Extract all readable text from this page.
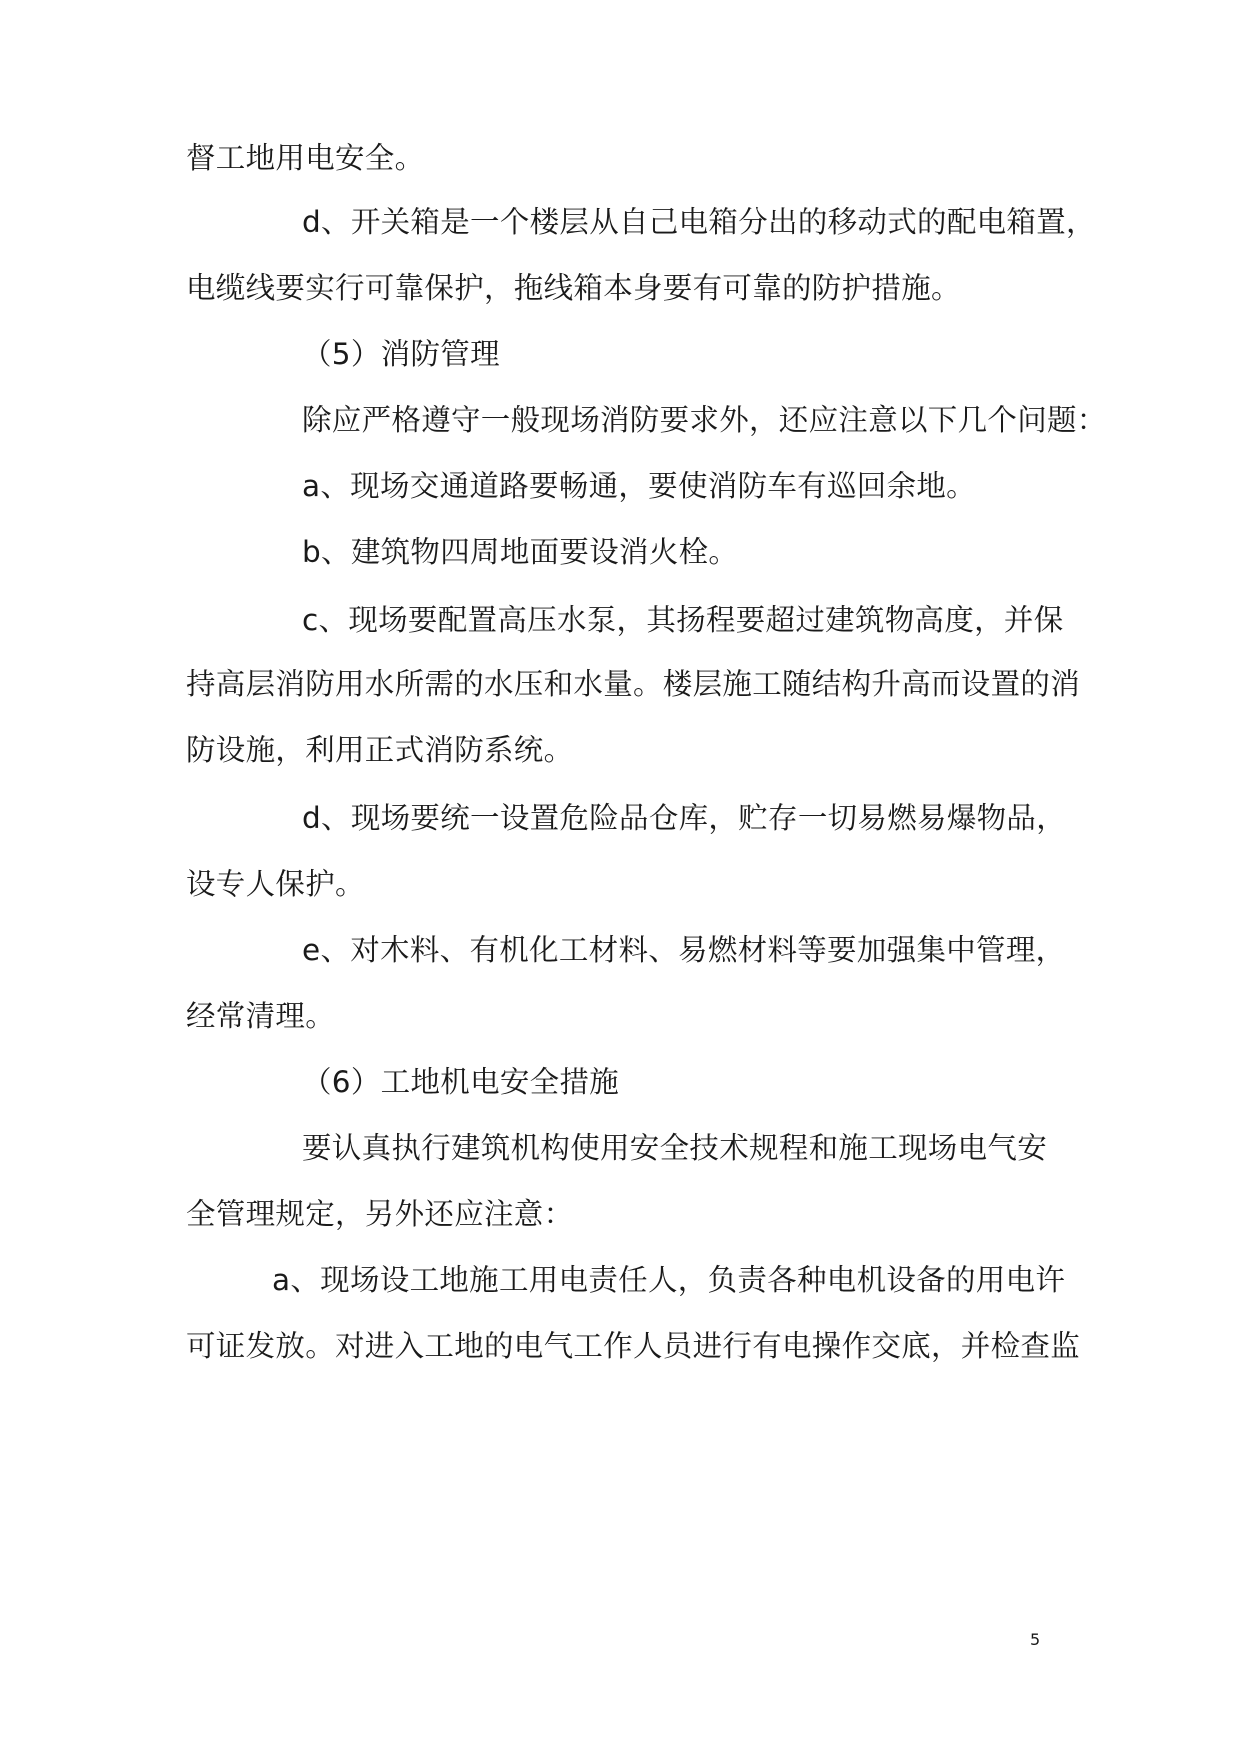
督工地用电安全。
d、开关箱是一个楼层从自己电箱分出的移动式的配电箱置，
电缆线要实行可靠保护，拖线箱本身要有可靠的防护措施。
（5）消防管理
除应严格遵守一般现场消防要求外，还应注意以下几个问题：
a、现场交通道路要畅通，要使消防车有巡回余地。
b、建筑物四周地面要设消火栓。
c、现场要配置高压水泵，其扬程要超过建筑物高度，并保
持高层消防用水所需的水压和水量。楼层施工随结构升高而设置的消
防设施，利用正式消防系统。
d、现场要统一设置危险品仓库，贮存一切易燃易爆物品，
设专人保护。
e、对木料、有机化工材料、易燃材料等要加强集中管理，
经常清理。
（6）工地机电安全措施
要认真执行建筑机构使用安全技术规程和施工现场电气安
全管理规定，另外还应注意：
a、现场设工地施工用电责任人，负责各种电机设备的用电许
可证发放。对进入工地的电气工作人员进行有电操作交底，并检查监
5
